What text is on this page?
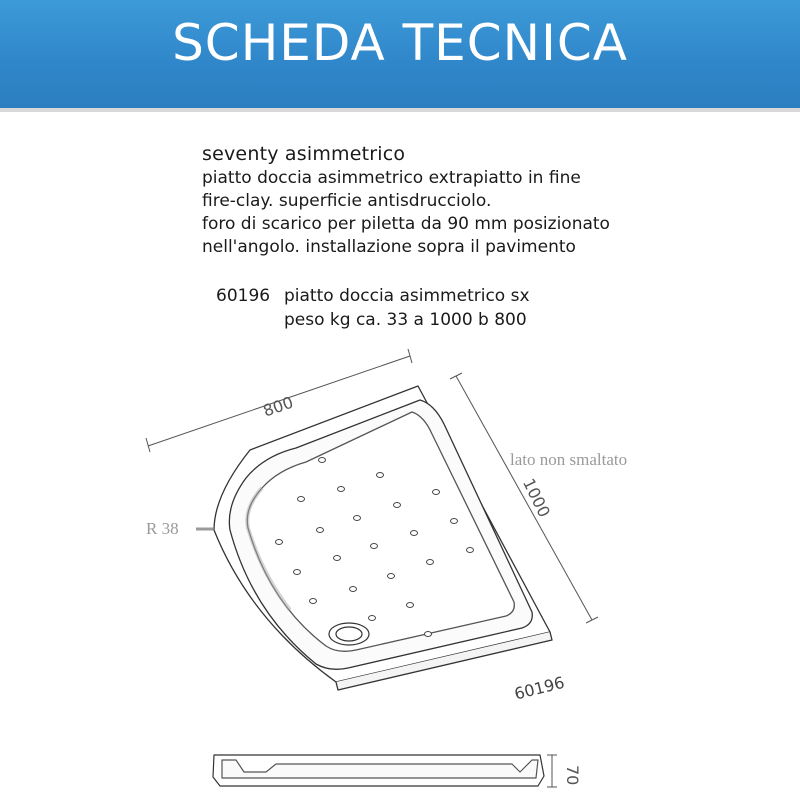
SCHEDA TECNICA
seventy asimmetrico
piatto doccia asimmetrico extrapiatto in fine
fire-clay. superficie antisdrucciolo.
foro di scarico per piletta da 90 mm posizionato
nell'angolo. installazione sopra il pavimento
60196 piatto doccia asimmetrico sx
peso kg ca. 33 a 1000 b 800
800
1000
R 38
lato non smaltato
60196
70
